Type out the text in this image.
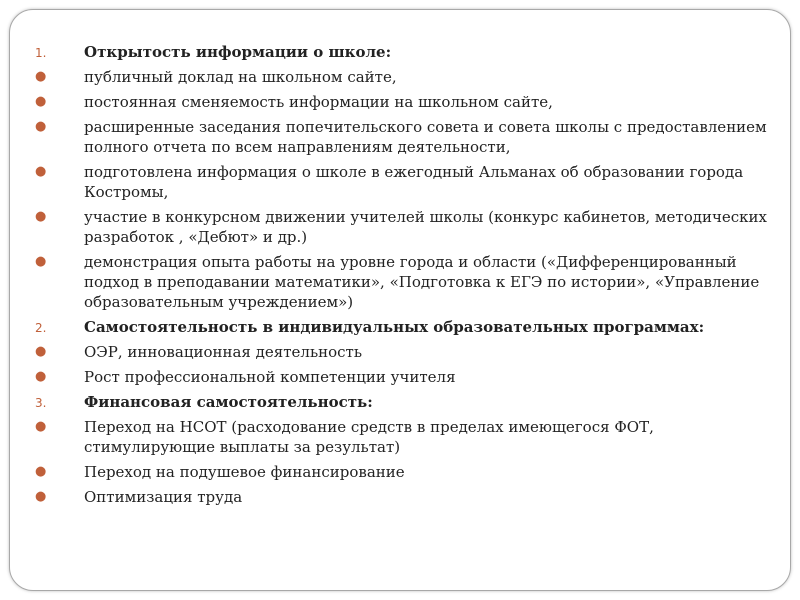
1.	Открытость информации о школе:
●	публичный доклад на школьном сайте,
●	постоянная сменяемость информации на школьном сайте,
●	расширенные заседания попечительского совета и совета школы с предоставлением полного отчета по всем направлениям деятельности,
●	подготовлена информация о школе в ежегодный Альманах об образовании города Костромы,
●	участие в конкурсном движении учителей школы (конкурс кабинетов, методических разработок , «Дебют» и др.)
●	демонстрация опыта работы на уровне города и области («Дифференцированный подход в преподавании математики», «Подготовка к ЕГЭ по истории», «Управление образовательным учреждением»)
2.	Самостоятельность в индивидуальных образовательных программах:
●	ОЭР, инновационная деятельность
●	Рост профессиональной компетенции учителя
3.	Финансовая самостоятельность:
●	Переход на НСОТ (расходование средств в пределах имеющегося ФОТ, стимулирующие выплаты за результат)
●	Переход на подушевое финансирование
●	Оптимизация труда
